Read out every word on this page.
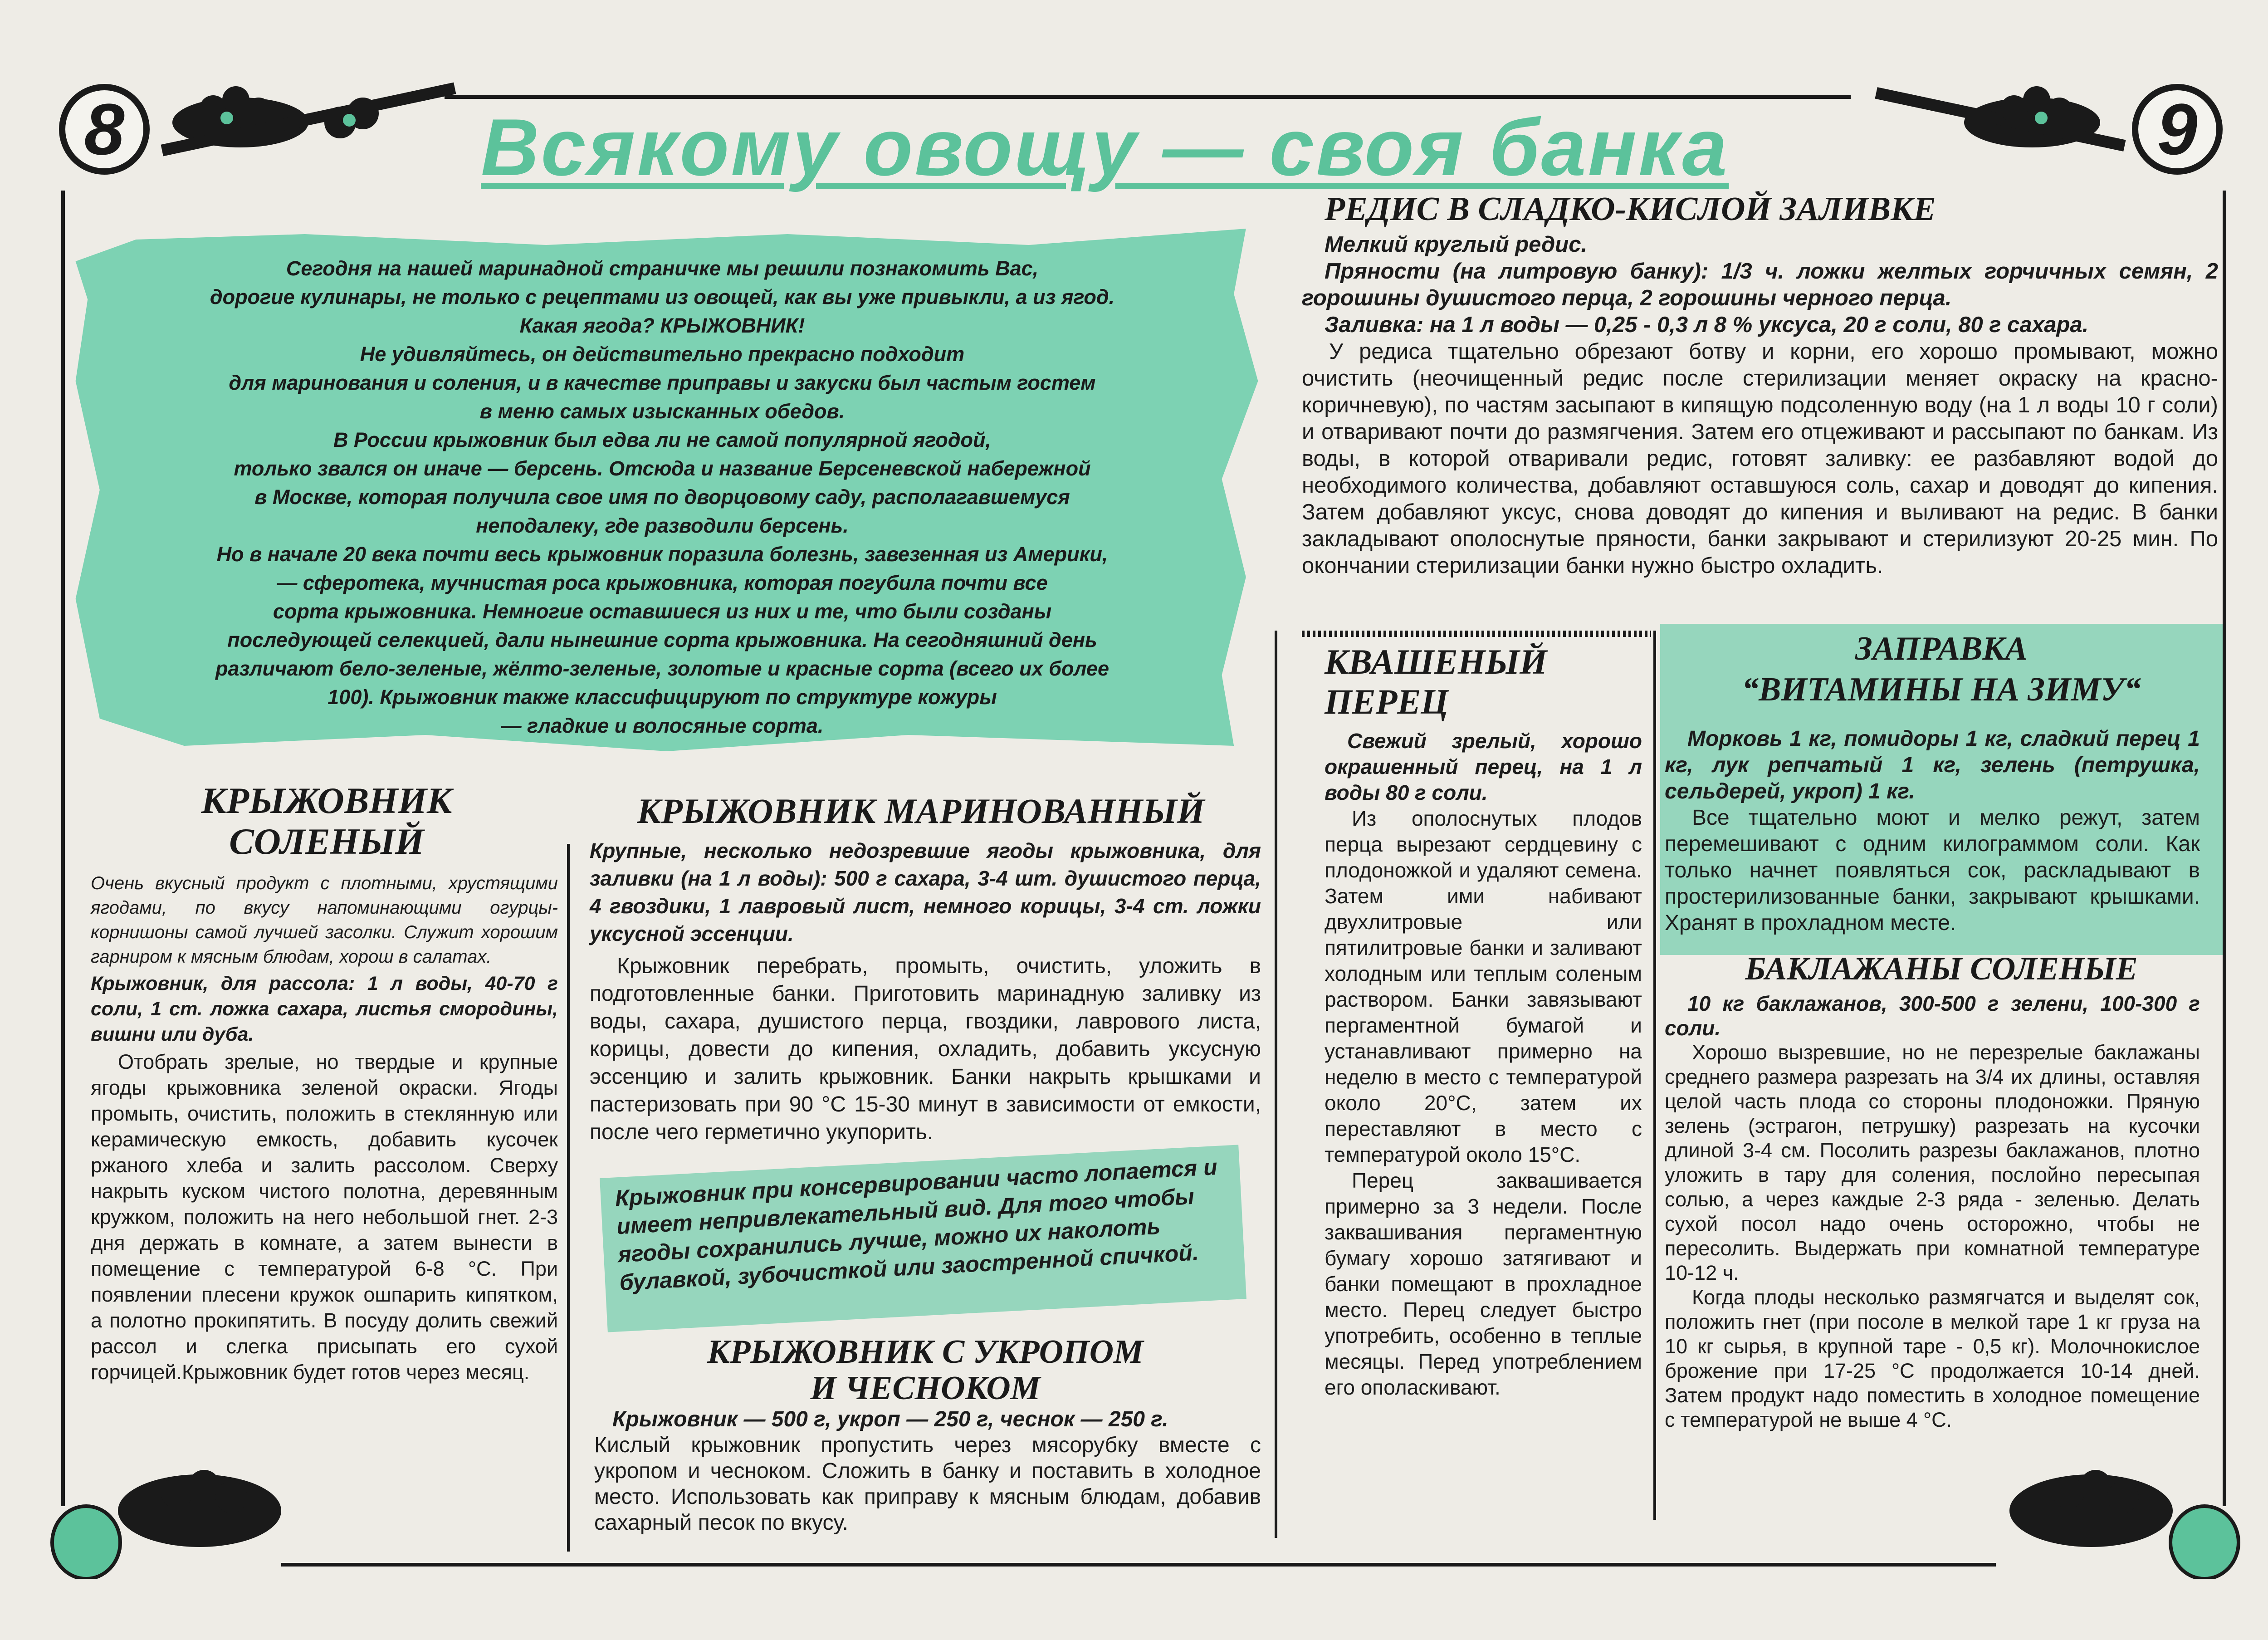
8	9
Всякому овощу — своя банка

Сегодня на нашей маринадной страничке мы решили познакомить Вас,

дорогие кулинары, не только с рецептами из овощей, как вы уже привыкли, а из ягод.

Какая ягода? КРЫЖОВНИК!

Не удивляйтесь, он действительно прекрасно подходит

для маринования и соления, и в качестве приправы и закуски был частым гостем

в меню самых изысканных обедов.

В России крыжовник был едва ли не самой популярной ягодой,

только звался он иначе — берсень. Отсюда и название Берсеневской набережной

в Москве, которая получила свое имя по дворцовому саду, располагавшемуся

неподалеку, где разводили берсень.

Но в начале 20 века почти весь крыжовник поразила болезнь, завезенная из Америки,

— сферотека, мучнистая роса крыжовника, которая погубила почти все

сорта крыжовника. Немногие оставшиеся из них и те, что были созданы

последующей селекцией, дали нынешние сорта крыжовника. На сегодняшний день

различают бело-зеленые, жёлто-зеленые, золотые и красные сорта (всего их более

100). Крыжовник также классифицируют по структуре кожуры

— гладкие и волосяные сорта.

КРЫЖОВНИК
СОЛЕНЫЙ

Очень вкусный продукт с плотными, хрустящими ягодами, по вкусу напоминающими огурцы-корнишоны самой лучшей засолки. Служит хорошим гарниром к мясным блюдам, хорош в салатах.

Крыжовник, для рассола: 1 л воды, 40-70 г соли, 1 ст. ложка сахара, листья смородины, вишни или дуба.

Отобрать зрелые, но твердые и крупные ягоды крыжовника зеленой окраски. Ягоды промыть, очистить, положить в стеклянную или керамическую емкость, добавить кусочек ржаного хлеба и залить рассолом. Сверху накрыть куском чистого полотна, деревянным кружком, положить на него небольшой гнет. 2-3 дня держать в комнате, а затем вынести в помещение с температурой 6-8 °С. При появлении плесени кружок ошпарить кипятком, а полотно прокипятить. В посуду долить свежий рассол и слегка присыпать его сухой горчицей.Крыжовник будет готов через месяц.

КРЫЖОВНИК МАРИНОВАННЫЙ

Крупные, несколько недозревшие ягоды крыжовника, для заливки (на 1 л воды): 500 г сахара, 3-4 шт. душистого перца, 4 гвоздики, 1 лавровый лист, немного корицы, 3-4 ст. ложки уксусной эссенции.

Крыжовник перебрать, промыть, очистить, уложить в подготовленные банки. Приготовить маринадную заливку из воды, сахара, душистого перца, гвоздики, лаврового листа, корицы, довести до кипения, охладить, добавить уксусную эссенцию и залить крыжовник. Банки накрыть крышками и пастеризовать при 90 °С 15-30 минут в зависимости от емкости, после чего герметично укупорить.

Крыжовник при консервировании часто лопается и имеет непривлекательный вид. Для того чтобы ягоды сохранились лучше, можно их наколоть булавкой, зубочисткой или заостренной спичкой.
КРЫЖОВНИК С УКРОПОМ
И ЧЕСНОКОМ

Крыжовник — 500 г, укроп — 250 г, чеснок — 250 г.

Кислый крыжовник пропустить через мясорубку вместе с укропом и чесноком. Сложить в банку и поставить в холодное место. Использовать как приправу к мясным блюдам, добавив сахарный песок по вкусу.

РЕДИС В СЛАДКО-КИСЛОЙ ЗАЛИВКЕ

Мелкий круглый редис.

Пряности (на литровую банку): 1/3 ч. ложки желтых горчичных семян, 2 горошины душистого перца, 2 горошины черного перца.

Заливка: на 1 л воды — 0,25 - 0,3 л 8 % уксуса, 20 г соли, 80 г сахара.

У редиса тщательно обрезают ботву и корни, его хорошо промывают, можно очистить (неочищенный редис после стерилизации меняет окраску на красно-коричневую), по частям засыпают в кипящую подсоленную воду (на 1 л воды 10 г соли) и отваривают почти до размягчения. Затем его отцеживают и рассыпают по банкам. Из воды, в которой отваривали редис, готовят заливку: ее разбавляют водой до необходимого количества, добавляют оставшуюся соль, сахар и доводят до кипения. Затем добавляют уксус, снова доводят до кипения и выливают на редис. В банки закладывают ополоснутые пряности, банки закрывают и стерилизуют 20-25 мин. По окончании стерилизации банки нужно быстро охладить.

КВАШЕНЫЙ
ПЕРЕЦ

Свежий зрелый, хорошо окрашенный перец, на 1 л воды 80 г соли.

Из ополоснутых плодов перца вырезают сердцевину с плодоножкой и удаляют семена. Затем ими набивают двухлитровые или пятилитровые банки и заливают холодным или теплым соленым раствором. Банки завязывают пергаментной бумагой и устанавливают примерно на неделю в место с температурой около 20°С, затем их переставляют в место с температурой около 15°С.

Перец заквашивается примерно за 3 недели. После заквашивания пергаментную бумагу хорошо затягивают и банки помещают в прохладное место. Перец следует быстро употребить, особенно в теплые месяцы. Перед употреблением его ополаскивают.

ЗАПРАВКА
“ВИТАМИНЫ НА ЗИМУ“

Морковь 1 кг, помидоры 1 кг, сладкий перец 1 кг, лук репчатый 1 кг, зелень (петрушка, сельдерей, укроп) 1 кг.

Все тщательно моют и мелко режут, затем перемешивают с одним килограммом соли. Как только начнет появляться сок, раскладывают в простерилизованные банки, закрывают крышками. Хранят в прохладном месте.

БАКЛАЖАНЫ СОЛЕНЫЕ

10 кг баклажанов, 300-500 г зелени, 100-300 г соли.

Хорошо вызревшие, но не перезрелые баклажаны среднего размера разрезать на 3/4 их длины, оставляя целой часть плода со стороны плодоножки. Пряную зелень (эстрагон, петрушку) разрезать на кусочки длиной 3-4 см. Посолить разрезы баклажанов, плотно уложить в тару для соления, послойно пересыпая солью, а через каждые 2-3 ряда - зеленью. Делать сухой посол надо очень осторожно, чтобы не пересолить. Выдержать при комнатной температуре 10-12 ч.

Когда плоды несколько размягчатся и выделят сок, положить гнет (при посоле в мелкой таре 1 кг груза на 10 кг сырья, в крупной таре - 0,5 кг). Молочнокислое брожение при 17-25 °С продолжается 10-14 дней. Затем продукт надо поместить в холодное помещение с температурой не выше 4 °С.
